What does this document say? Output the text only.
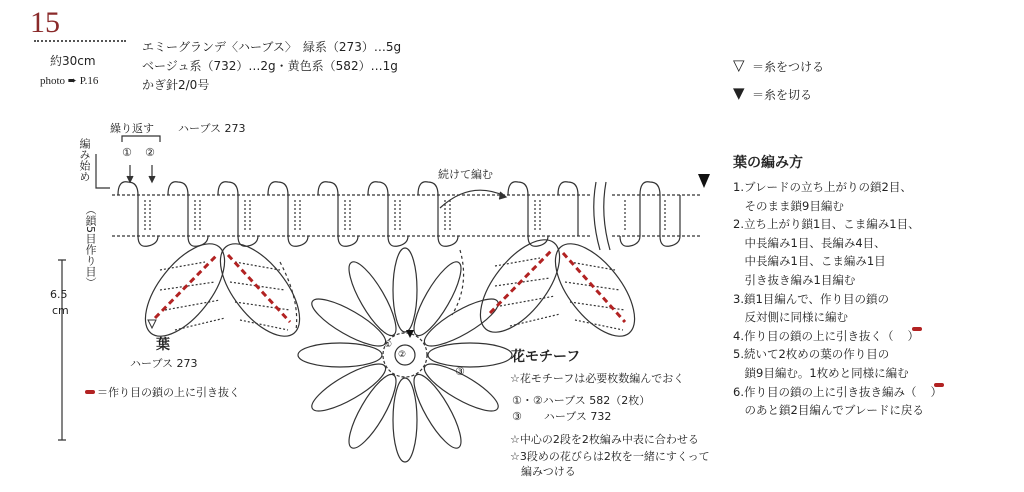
15
約30cm
photo ➨ P.16
エミーグランデ〈ハーブス〉　緑系（273）…5g
ベージュ系（732）…2g・黄色系（582）…1g
かぎ針2/0号
▽ ＝糸をつける
▼ ＝糸を切る
繰り返す ハーブス 273
① ②
編み始め
（鎖5目作り目）
続けて編む
6.5
cm
葉
ハーブス 273
＝作り目の鎖の上に引き抜く
①
②
③
花モチーフ
☆花モチーフは必要枚数編んでおく
①・②ハーブス 582（2枚）
③　　ハーブス 732
☆中心の2段を2枚編み中表に合わせる
☆3段めの花びらは2枚を一緒にすくって
　編みつける
葉の編み方
1.ブレードの立ち上がりの鎖2目、
　そのまま鎖9目編む
2.立ち上がり鎖1目、こま編み1目、
　中長編み1目、長編み4目、
　中長編み1目、こま編み1目
　引き抜き編み1目編む
3.鎖1目編んで、作り目の鎖の
　反対側に同様に編む
4.作り目の鎖の上に引き抜く（ ）
5.続いて2枚めの葉の作り目の
　鎖9目編む。1枚めと同様に編む
6.作り目の鎖の上に引き抜き編み（ ）
　のあと鎖2目編んでブレードに戻る
